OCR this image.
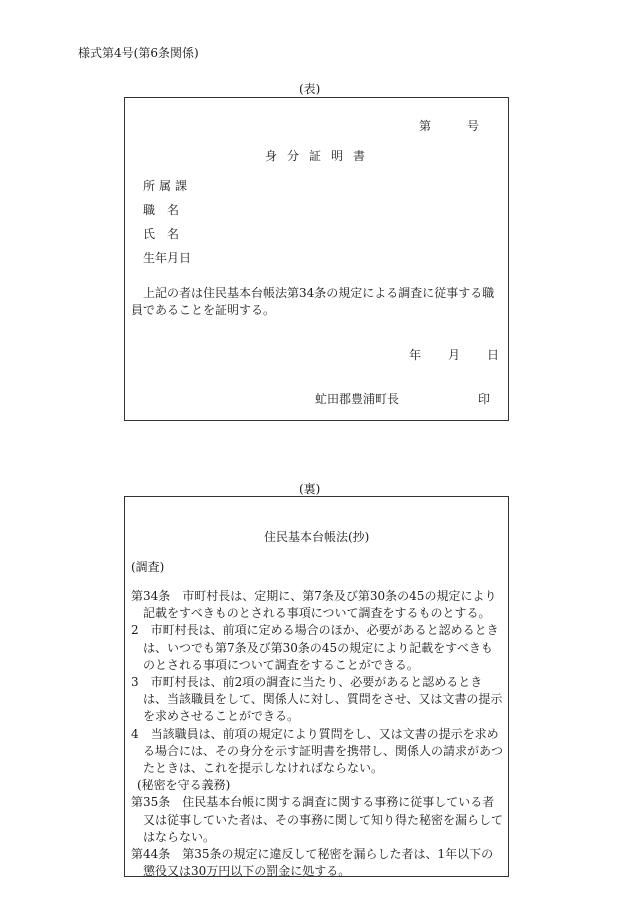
様式第4号(第6条関係)
(表)
第　　　号
身分証明書
所属課
職　名
氏　名
生年月日
上記の者は住民基本台帳法第34条の規定による調査に従事する職員であることを証明する。
年　　月　　日
虻田郡豊浦町長	印
(裏)
住民基本台帳法(抄)
(調査)

第34条　市町村長は、定期に、第7条及び第30条の45の規定により記載をすべきものとされる事項について調査をするものとする。

2　市町村長は、前項に定める場合のほか、必要があると認めるときは、いつでも第7条及び第30条の45の規定により記載をすべきものとされる事項について調査をすることができる。

3　市町村長は、前2項の調査に当たり、必要があると認めるときは、当該職員をして、関係人に対し、質問をさせ、又は文書の提示を求めさせることができる。

4　当該職員は、前項の規定により質問をし、又は文書の提示を求める場合には、その身分を示す証明書を携帯し、関係人の請求があつたときは、これを提示しなければならない。

(秘密を守る義務)

第35条　住民基本台帳に関する調査に関する事務に従事している者又は従事していた者は、その事務に関して知り得た秘密を漏らしてはならない。

第44条　第35条の規定に違反して秘密を漏らした者は、1年以下の懲役又は30万円以下の罰金に処する。
